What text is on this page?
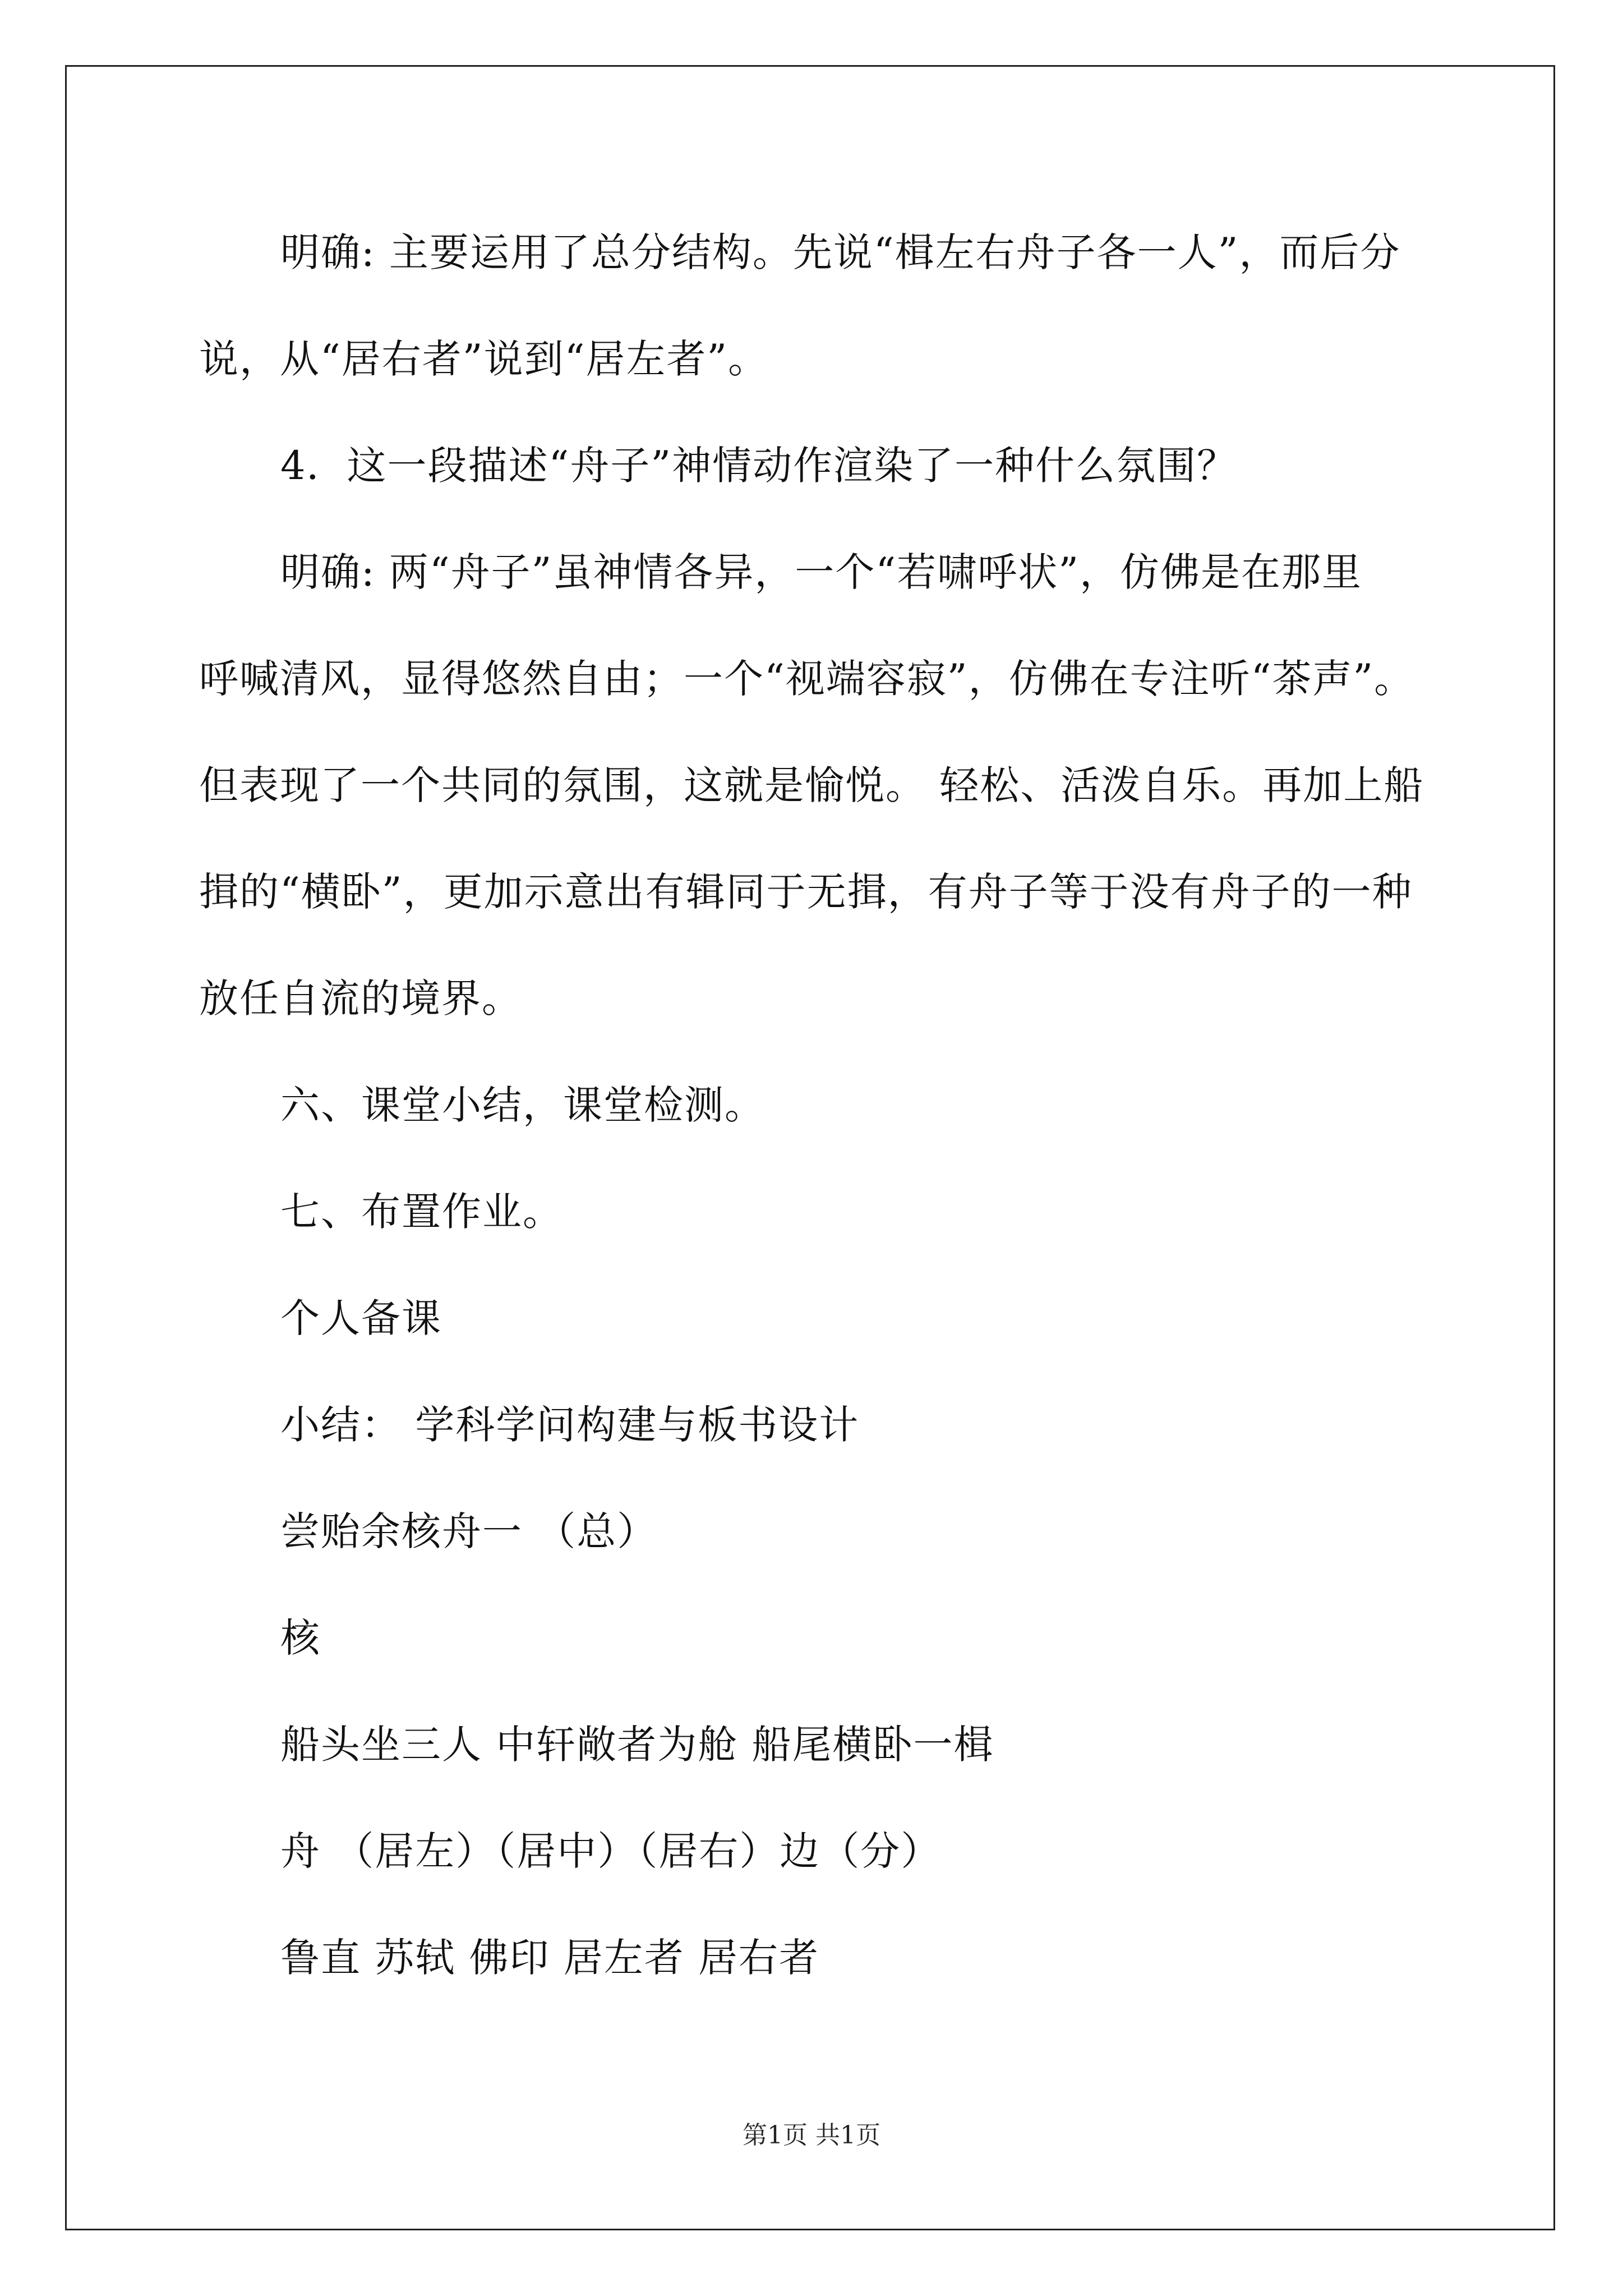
明确: 主要运用了总分结构。先说“楫左右舟子各一人”，而后分
说，从“居右者”说到“居左者”。
4．这一段描述“舟子”神情动作渲染了一种什么氛围？
明确: 两“舟子”虽神情各异，一个“若啸呼状”，仿佛是在那里
呼喊清风，显得悠然自由；一个“视端容寂”，仿佛在专注听“茶声”。
但表现了一个共同的氛围，这就是愉悦。 轻松、活泼自乐。再加上船
揖的“横卧”，更加示意出有辑同于无揖，有舟子等于没有舟子的一种
放任自流的境界。
六、课堂小结，课堂检测。
七、布置作业。
个人备课
小结： 学科学问构建与板书设计
尝贻余核舟一 （总）
核
船头坐三人 中轩敞者为舱 船尾横卧一楫
舟 （居左）（居中）（居右）边（分）
鲁直 苏轼 佛印 居左者 居右者
第1页 共1页
